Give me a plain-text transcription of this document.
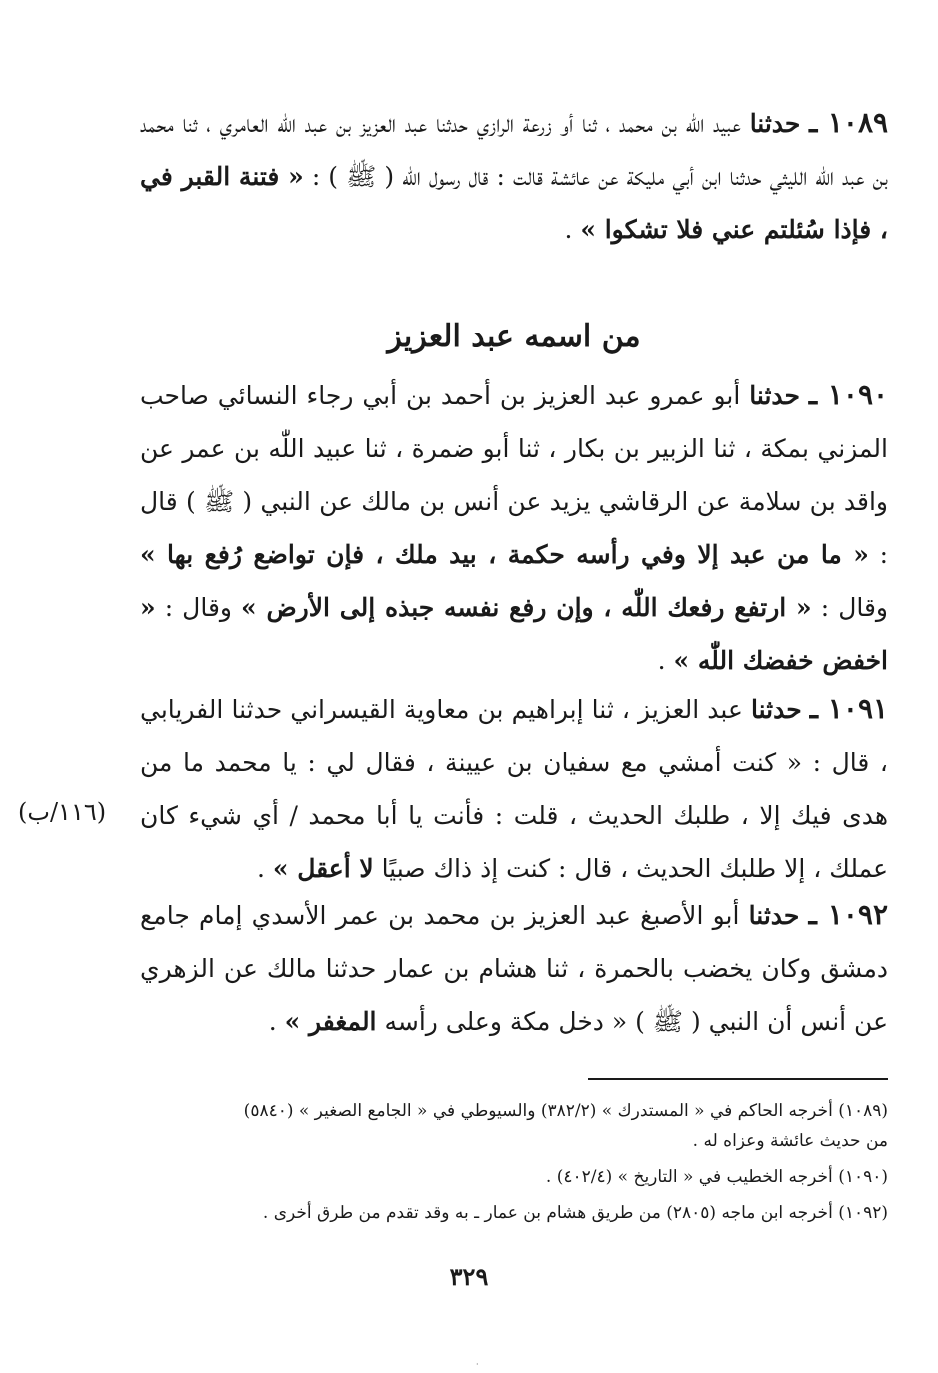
١٠٨٩ ـ حدثنا عبيد اللّٰه بن محمد ، ثنا أو زرعة الرازي حدثنا عبد العزيز بن عبد اللّٰه العامري ، ثنا محمد بن عبد اللّٰه الليثي حدثنا ابن أبي مليكة عن عائشة قالت : قال رسول اللّٰه ( ﷺ ) : « فتنة القبر في ، فإذا سُئلتم عني فلا تشكوا » .
من اسمه عبد العزيز
١٠٩٠ ـ حدثنا أبو عمرو عبد العزيز بن أحمد بن أبي رجاء النسائي صاحب المزني بمكة ، ثنا الزبير بن بكار ، ثنا أبو ضمرة ، ثنا عبيد اللّٰه بن عمر عن واقد بن سلامة عن الرقاشي يزيد عن أنس بن مالك عن النبي ( ﷺ ) قال : « ما من عبد إلا وفي رأسه حكمة ، بيد ملك ، فإن تواضع رُفع بها » وقال : « ارتفع رفعك اللّٰه ، وإن رفع نفسه جبذه إلى الأرض » وقال : « اخفض خفضك اللّٰه » .
١٠٩١ ـ حدثنا عبد العزيز ، ثنا إبراهيم بن معاوية القيسراني حدثنا الفريابي ، قال : « كنت أمشي مع سفيان بن عيينة ، فقال لي : يا محمد ما من هدى فيك إلا ، طلبك الحديث ، قلت : فأنت يا أبا محمد / أي شيء كان عملك ، إلا طلبك الحديث ، قال : كنت إذ ذاك صبيًا لا أعقل » .
(١١٦/ب)
١٠٩٢ ـ حدثنا أبو الأصبغ عبد العزيز بن محمد بن عمر الأسدي إمام جامع دمشق وكان يخضب بالحمرة ، ثنا هشام بن عمار حدثنا مالك عن الزهري عن أنس أن النبي ( ﷺ ) « دخل مكة وعلى رأسه المغفر » .

(١٠٨٩) أخرجه الحاكم في « المستدرك » (٣٨٢/٢) والسيوطي في « الجامع الصغير » (٥٨٤٠)

من حديث عائشة وعزاه له .

(١٠٩٠) أخرجه الخطيب في « التاريخ » (٤٠٢/٤) .

(١٠٩٢) أخرجه ابن ماجه (٢٨٠٥) من طريق هشام بن عمار ـ به وقد تقدم من طرق أخرى .

٣٢٩
·
